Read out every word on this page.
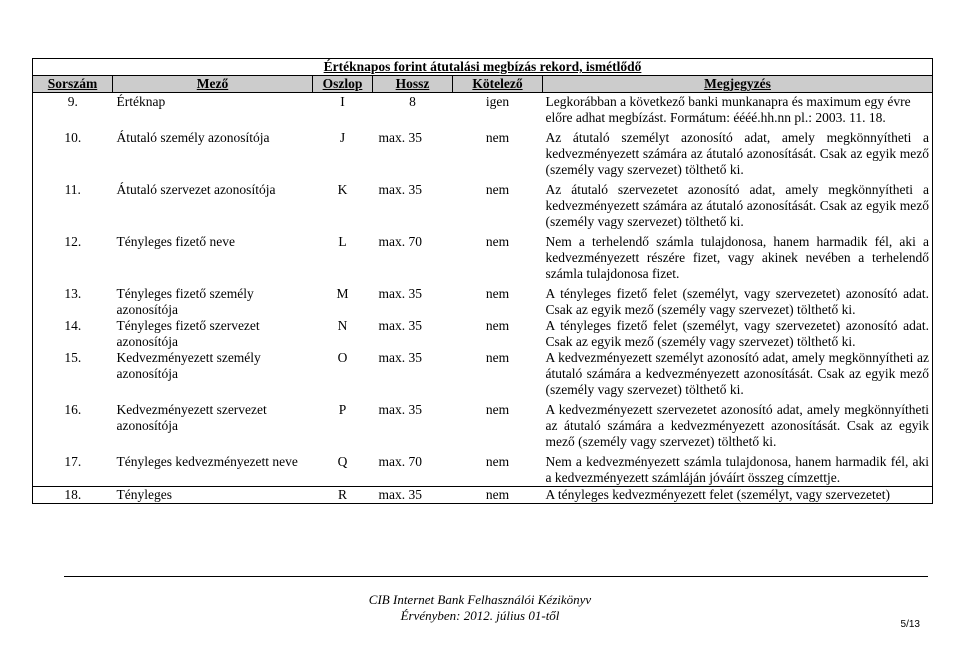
Értéknapos forint átutalási megbízás rekord, ismétlődő					
Sorszám	Mező	Oszlop	Hossz	Kötelező	Megjegyzés
9.	Értéknap	I	8	igen	Legkorábban a következő banki munkanapra és maximum egy évre előre adhat megbízást. Formátum: éééé.hh.nn pl.: 2003. 11. 18.

10.	Átutaló személy azonosítója	J	max. 35	nem	Az átutaló személyt azonosító adat, amely megkönnyítheti a kedvezményezett számára az átutaló azonosítását. Csak az egyik mező (személy vagy szervezet) tölthető ki.

11.	Átutaló szervezet azonosítója	K	max. 35	nem	Az átutaló szervezetet azonosító adat, amely megkönnyítheti a kedvezményezett számára az átutaló azonosítását. Csak az egyik mező (személy vagy szervezet) tölthető ki.

12.	Tényleges fizető neve	L	max. 70	nem	Nem a terhelendő számla tulajdonosa, hanem harmadik fél, aki a kedvezményezett részére fizet, vagy akinek nevében a terhelendő számla tulajdonosa fizet.

13.	Tényleges fizető személy azonosítója	M	max. 35	nem	A tényleges fizető felet (személyt, vagy szervezetet) azonosító adat. Csak az egyik mező (személy vagy szervezet) tölthető ki.
14.	Tényleges fizető szervezet azonosítója	N	max. 35	nem	A tényleges fizető felet (személyt, vagy szervezetet) azonosító adat. Csak az egyik mező (személy vagy szervezet) tölthető ki.
15.	Kedvezményezett személy azonosítója	O	max. 35	nem	A kedvezményezett személyt azonosító adat, amely megkönnyítheti az átutaló számára a kedvezményezett azonosítását. Csak az egyik mező (személy vagy szervezet) tölthető ki.

16.	Kedvezményezett szervezet azonosítója	P	max. 35	nem	A kedvezményezett szervezetet azonosító adat, amely megkönnyítheti az átutaló számára a kedvezményezett azonosítását. Csak az egyik mező (személy vagy szervezet) tölthető ki.

17.	Tényleges kedvezményezett neve	Q	max. 70	nem	Nem a kedvezményezett számla tulajdonosa, hanem harmadik fél, aki a kedvezményezett számláján jóváírt összeg címzettje.
18.	Tényleges	R	max. 35	nem	A tényleges kedvezményezett felet (személyt, vagy szervezetet)
CIB Internet Bank Felhasználói Kézikönyv
Érvényben: 2012. július 01-től
5/13
